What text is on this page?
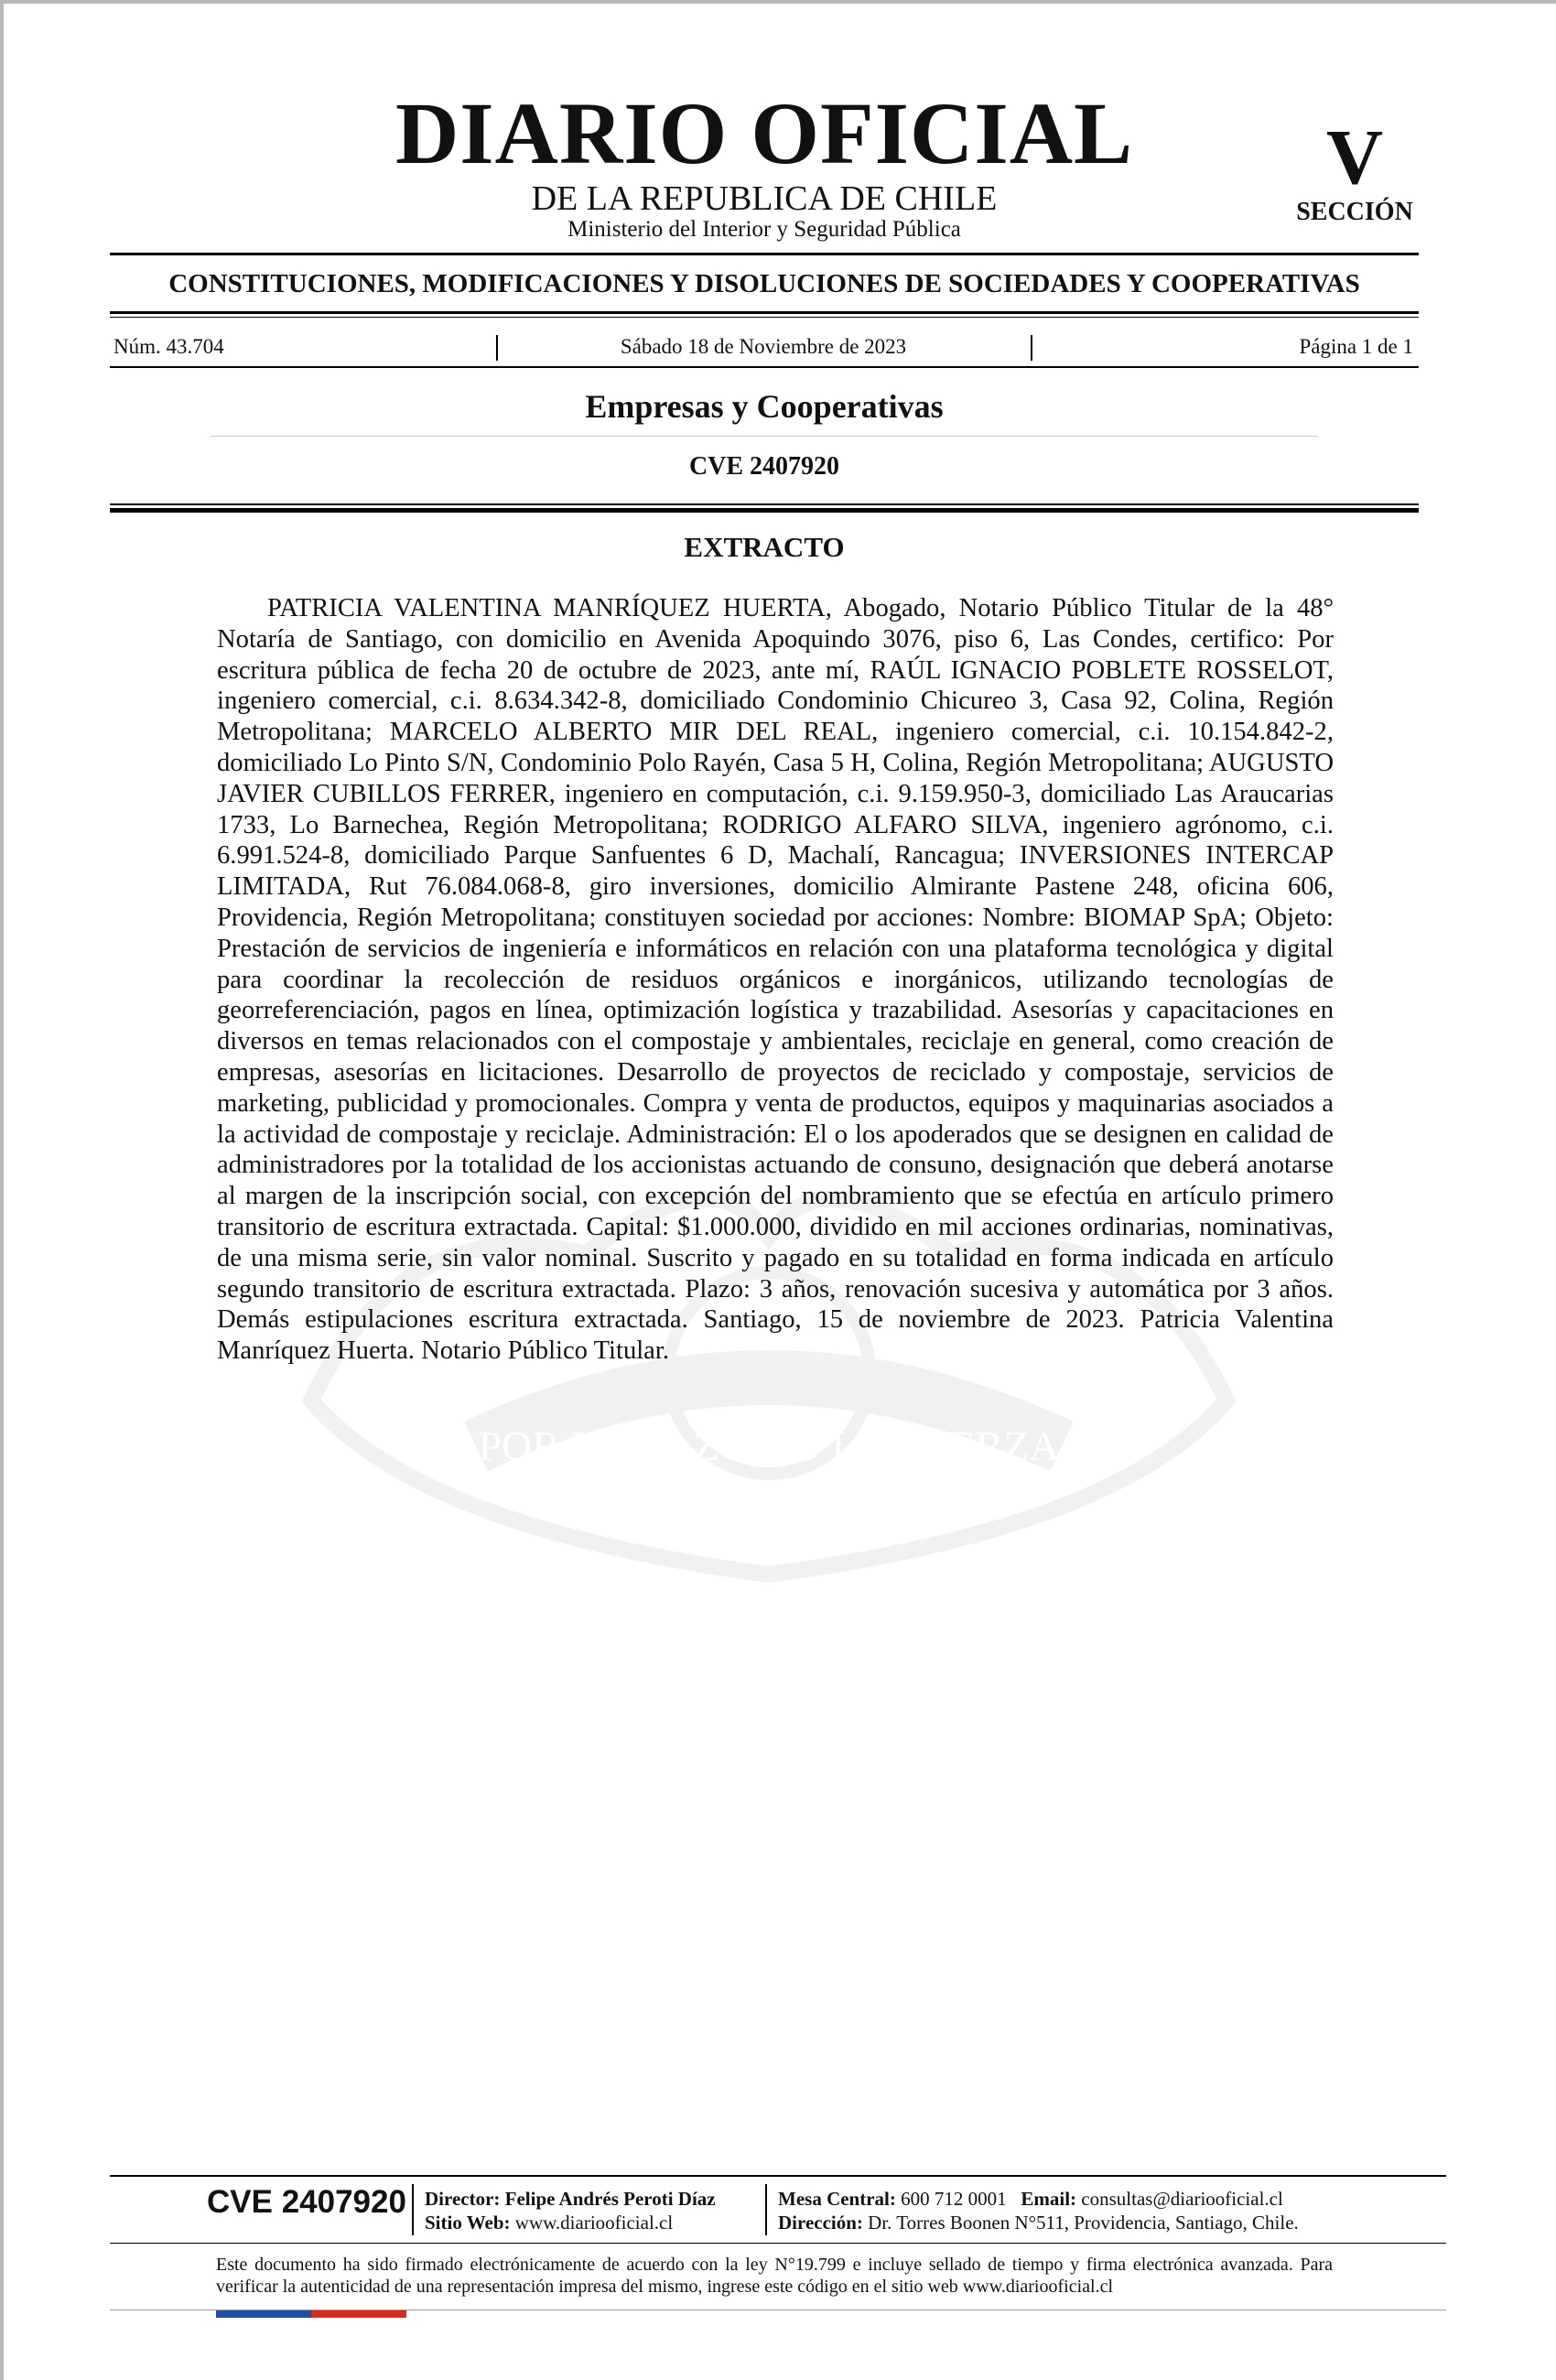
DIARIO OFICIAL
DE LA REPUBLICA DE CHILE
Ministerio del Interior y Seguridad Pública
V
SECCIÓN
CONSTITUCIONES, MODIFICACIONES Y DISOLUCIONES DE SOCIEDADES Y COOPERATIVAS
Núm. 43.704	Sábado 18 de Noviembre de 2023	Página 1 de 1
Empresas y Cooperativas
CVE 2407920
POR LA RAZON O LA FUERZA
EXTRACTO

PATRICIA VALENTINA MANRÍQUEZ HUERTA, Abogado, Notario Público Titular de la 48° Notaría de Santiago, con domicilio en Avenida Apoquindo 3076, piso 6, Las Condes, certifico: Por escritura pública de fecha 20 de octubre de 2023, ante mí, RAÚL IGNACIO POBLETE ROSSELOT, ingeniero comercial, c.i. 8.634.342-8, domiciliado Condominio Chicureo 3, Casa 92, Colina, Región Metropolitana; MARCELO ALBERTO MIR DEL REAL, ingeniero comercial, c.i. 10.154.842-2, domiciliado Lo Pinto S/N, Condominio Polo Rayén, Casa 5 H, Colina, Región Metropolitana; AUGUSTO JAVIER CUBILLOS FERRER, ingeniero en computación, c.i. 9.159.950-3, domiciliado Las Araucarias 1733, Lo Barnechea, Región Metropolitana; RODRIGO ALFARO SILVA, ingeniero agrónomo, c.i. 6.991.524-8, domiciliado Parque Sanfuentes 6 D, Machalí, Rancagua; INVERSIONES INTERCAP LIMITADA, Rut 76.084.068-8, giro inversiones, domicilio Almirante Pastene 248, oficina 606, Providencia, Región Metropolitana; constituyen sociedad por acciones: Nombre: BIOMAP SpA; Objeto: Prestación de servicios de ingeniería e informáticos en relación con una plataforma tecnológica y digital para coordinar la recolección de residuos orgánicos e inorgánicos, utilizando tecnologías de georreferenciación, pagos en línea, optimización logística y trazabilidad. Asesorías y capacitaciones en diversos en temas relacionados con el compostaje y ambientales, reciclaje en general, como creación de empresas, asesorías en licitaciones. Desarrollo de proyectos de reciclado y compostaje, servicios de marketing, publicidad y promocionales. Compra y venta de productos, equipos y maquinarias asociados a la actividad de compostaje y reciclaje. Administración: El o los apoderados que se designen en calidad de administradores por la totalidad de los accionistas actuando de consuno, designación que deberá anotarse al margen de la inscripción social, con excepción del nombramiento que se efectúa en artículo primero transitorio de escritura extractada. Capital: $1.000.000, dividido en mil acciones ordinarias, nominativas, de una misma serie, sin valor nominal. Suscrito y pagado en su totalidad en forma indicada en artículo segundo transitorio de escritura extractada. Plazo: 3 años, renovación sucesiva y automática por 3 años. Demás estipulaciones escritura extractada. Santiago, 15 de noviembre de 2023. Patricia Valentina Manríquez Huerta. Notario Público Titular.

CVE 2407920 Director: Felipe Andrés Peroti Díaz
Sitio Web: www.diariooficial.cl
Mesa Central: 600 712 0001 Email: consultas@diariooficial.cl
Dirección: Dr. Torres Boonen N°511, Providencia, Santiago, Chile.

Este documento ha sido firmado electrónicamente de acuerdo con la ley N°19.799 e incluye sellado de tiempo y firma electrónica avanzada. Para verificar la autenticidad de una representación impresa del mismo, ingrese este código en el sitio web www.diariooficial.cl
